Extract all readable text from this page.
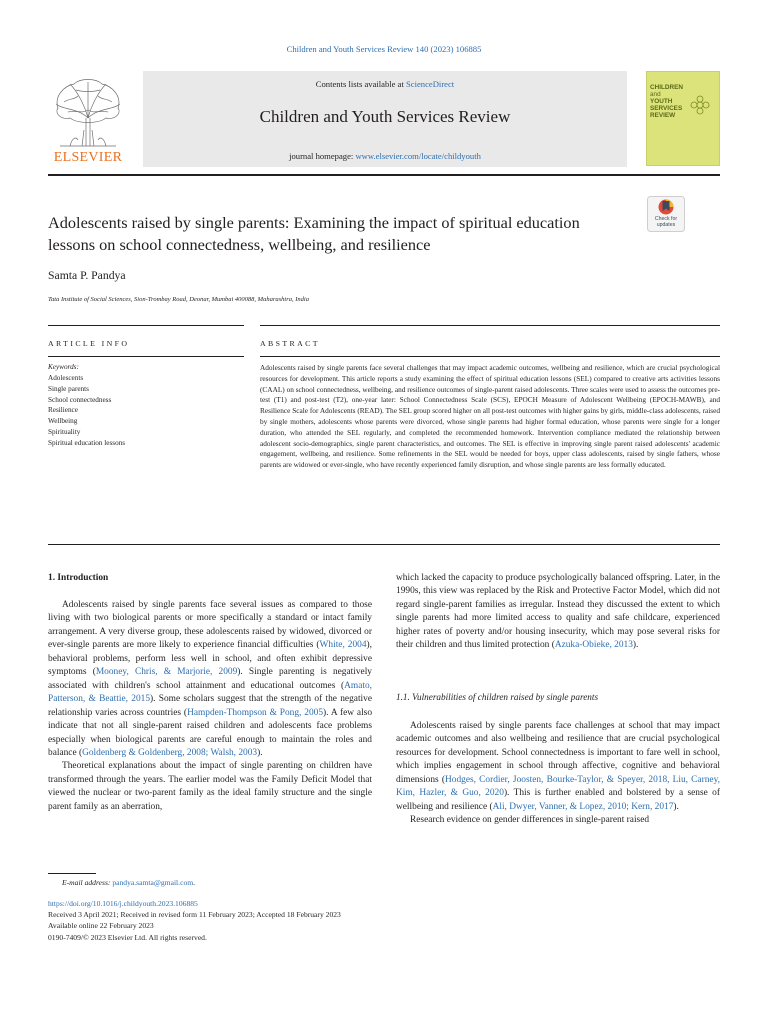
Children and Youth Services Review 140 (2023) 106885
ELSEVIER
Contents lists available at ScienceDirect
Children and Youth Services Review
journal homepage: www.elsevier.com/locate/childyouth
CHILDREN
and
YOUTH
SERVICES
REVIEW
Check for updates
Adolescents raised by single parents: Examining the impact of spiritual education lessons on school connectedness, wellbeing, and resilience
Samta P. Pandya
Tata Institute of Social Sciences, Sion-Trombay Road, Deonar, Mumbai 400088, Maharashtra, India
ARTICLE INFO	ABSTRACT
Keywords:
Adolescents
Single parents
School connectedness
Resilience
Wellbeing
Spirituality
Spiritual education lessons
Adolescents raised by single parents face several challenges that may impact academic outcomes, wellbeing and resilience, which are crucial psychological resources for development. This article reports a study examining the effect of spiritual education lessons (SEL) compared to creative arts activities lessons (CAAL) on school connectedness, wellbeing, and resilience outcomes of single-parent raised adolescents. Three scales were used to assess the outcomes pre-test (T1) and post-test (T2), one-year later: School Connectedness Scale (SCS), EPOCH Measure of Adolescent Wellbeing (EPOCH-MAWB), and Resilience Scale for Adolescents (READ). The SEL group scored higher on all post-test outcomes with higher gains by girls, middle-class adolescents, raised by single mothers, adolescents whose parents were divorced, whose single parents had higher formal education, whose parents were single for a longer duration, who attended the SEL regularly, and completed the recommended homework. Intervention compliance mediated the relationship between adolescent socio-demographics, single parent characteristics, and outcomes. The SEL is effective in improving single parent raised adolescents' academic engagement, wellbeing, and resilience. Some refinements in the SEL would be needed for boys, upper class adolescents, raised by single fathers, whose parents are widowed or ever-single, who have recently experienced family disruption, and whose single parents are less formally educated.
1. Introduction

Adolescents raised by single parents face several issues as compared to those living with two biological parents or more specifically a standard or intact family arrangement. A very diverse group, these adolescents raised by widowed, divorced or ever-single parents are more likely to experience financial difficulties (White, 2004), behavioral problems, perform less well in school, and often exhibit depressive symptoms (Mooney, Chris, & Marjorie, 2009). Single parenting is negatively associated with children's school attainment and educational outcomes (Amato, Patterson, & Beattie, 2015). Some scholars suggest that the strength of the negative relationship varies across countries (Hampden-Thompson & Pong, 2005). A few also indicate that not all single-parent raised children and adolescents face problems especially when biological parents are careful enough to maintain the roles and balance (Goldenberg & Goldenberg, 2008; Walsh, 2003).

Theoretical explanations about the impact of single parenting on children have transformed through the years. The earlier model was the Family Deficit Model that viewed the nuclear or two-parent family as the ideal family structure and the single parent family as an aberration,

which lacked the capacity to produce psychologically balanced offspring. Later, in the 1990s, this view was replaced by the Risk and Protective Factor Model, which did not regard single-parent families as irregular. Instead they discussed the extent to which single parents had more limited access to quality and safe childcare, experienced higher rates of poverty and/or housing insecurity, which may pose several risks for their children and thus limited protection (Azuka-Obieke, 2013).

1.1. Vulnerabilities of children raised by single parents

Adolescents raised by single parents face challenges at school that may impact academic outcomes and also wellbeing and resilience that are crucial psychological resources for development. School connectedness is important to fare well in school, which implies engagement in school through affective, cognitive and behavioral dimensions (Hodges, Cordier, Joosten, Bourke-Taylor, & Speyer, 2018, Liu, Carney, Kim, Hazler, & Guo, 2020). This is further enabled and bolstered by a sense of wellbeing and resilience (Ali, Dwyer, Vanner, & Lopez, 2010; Kern, 2017).

Research evidence on gender differences in single-parent raised

E-mail address: pandya.samta@gmail.com.
https://doi.org/10.1016/j.childyouth.2023.106885
Received 3 April 2021; Received in revised form 11 February 2023; Accepted 18 February 2023
Available online 22 February 2023
0190-7409/© 2023 Elsevier Ltd. All rights reserved.
